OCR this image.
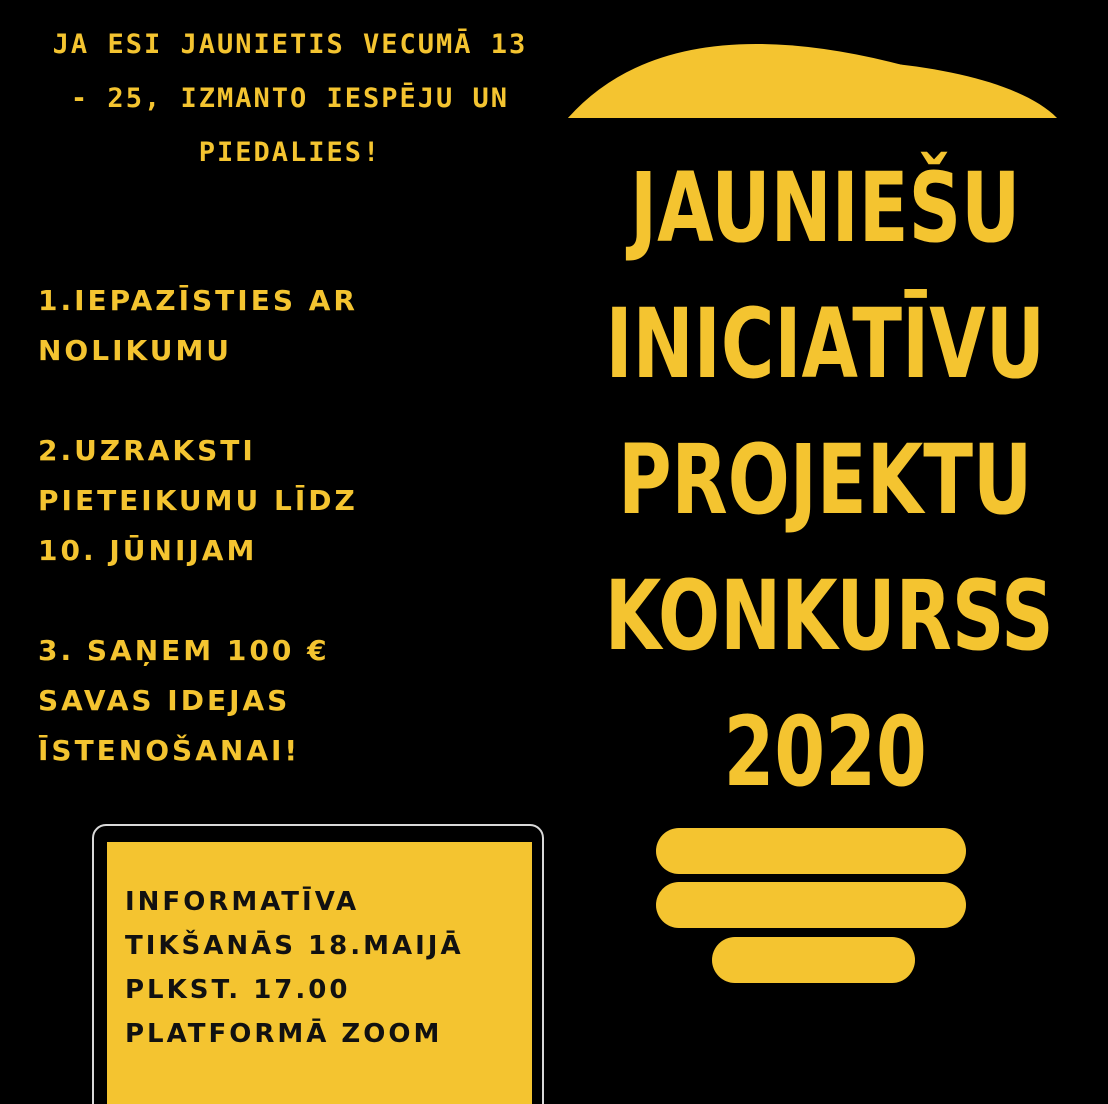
JA ESI JAUNIETIS VECUMĀ 13
- 25, IZMANTO IESPĒJU UN
PIEDALIES!
1.IEPAZĪSTIES AR
NOLIKUMU
2.UZRAKSTI
PIETEIKUMU LĪDZ
10. JŪNIJAM
3. SAŅEM 100 €
SAVAS IDEJAS
ĪSTENOŠANAI!
JAUNIEŠU
INICIATĪVU
PROJEKTU
KONKURSS
2020
INFORMATĪVA
TIKŠANĀS 18.MAIJĀ
PLKST. 17.00
PLATFORMĀ ZOOM
